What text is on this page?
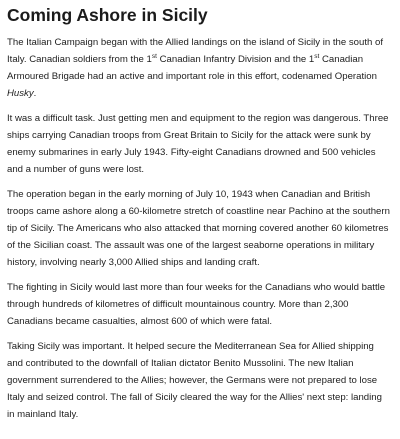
Coming Ashore in Sicily

The Italian Campaign began with the Allied landings on the island of Sicily in the south of Italy. Canadian soldiers from the 1st Canadian Infantry Division and the 1st Canadian Armoured Brigade had an active and important role in this effort, codenamed Operation Husky.

It was a difficult task. Just getting men and equipment to the region was dangerous. Three ships carrying Canadian troops from Great Britain to Sicily for the attack were sunk by enemy submarines in early July 1943. Fifty-eight Canadians drowned and 500 vehicles and a number of guns were lost.

The operation began in the early morning of July 10, 1943 when Canadian and British troops came ashore along a 60-kilometre stretch of coastline near Pachino at the southern tip of Sicily. The Americans who also attacked that morning covered another 60 kilometres of the Sicilian coast. The assault was one of the largest seaborne operations in military history, involving nearly 3,000 Allied ships and landing craft.

The fighting in Sicily would last more than four weeks for the Canadians who would battle through hundreds of kilometres of difficult mountainous country. More than 2,300 Canadians became casualties, almost 600 of which were fatal.

Taking Sicily was important. It helped secure the Mediterranean Sea for Allied shipping and contributed to the downfall of Italian dictator Benito Mussolini. The new Italian government surrendered to the Allies; however, the Germans were not prepared to lose Italy and seized control. The fall of Sicily cleared the way for the Allies' next step: landing in mainland Italy.
